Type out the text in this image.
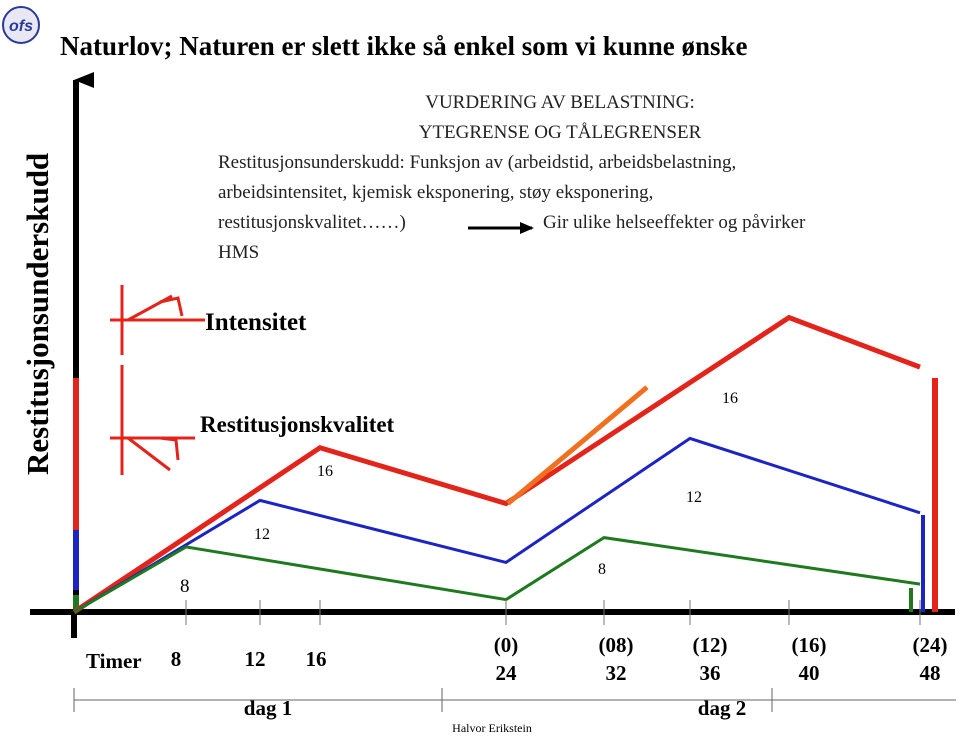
ofs
Naturlov; Naturen er slett ikke så enkel som vi kunne ønske
Restitusjonsunderskudd
VURDERING AV BELASTNING:
YTEGRENSE OG TÅLEGRENSER
Restitusjonsunderskudd: Funksjon av (arbeidstid, arbeidsbelastning,
arbeidsintensitet, kjemisk eksponering, støy eksponering,
restitusjonskvalitet……)
HMS
Gir ulike helseeffekter og påvirker
Intensitet
Restitusjonskvalitet
16
12
8
16
12
8
Timer 8	12 16
(0)	(08)	(12)	(16)	(24)
24	32	36	40	48
dag 1	dag 2
Halvor Erikstein
